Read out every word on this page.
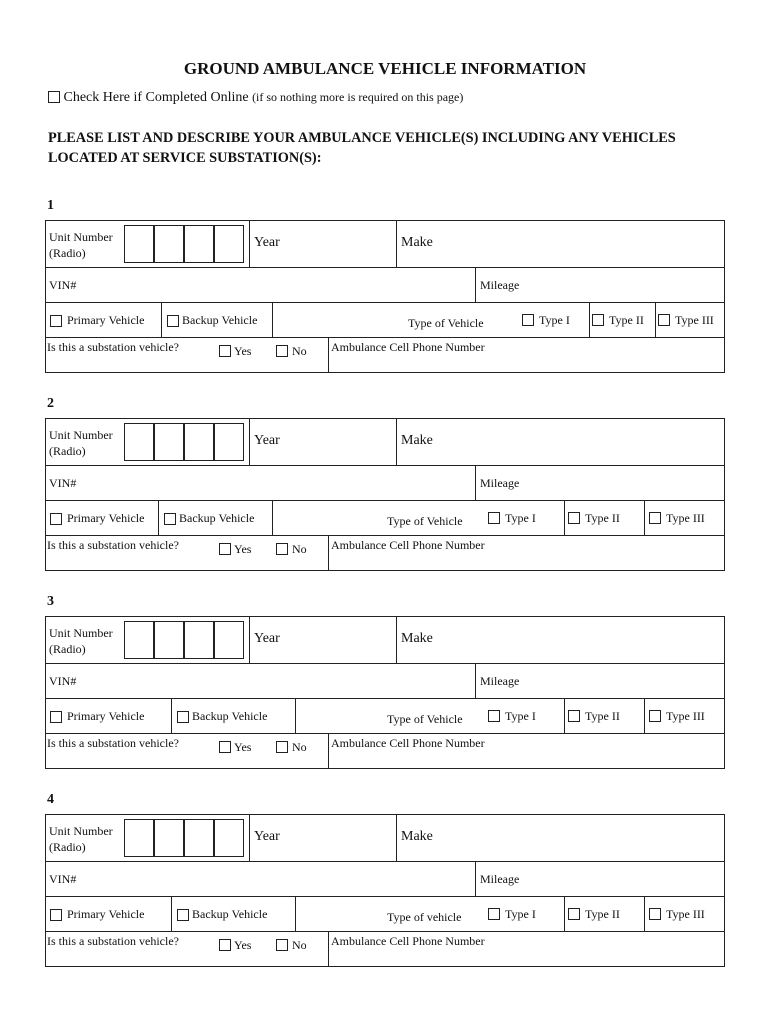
GROUND AMBULANCE VEHICLE INFORMATION
Check Here if Completed Online (if so nothing more is required on this page)
PLEASE LIST AND DESCRIBE YOUR AMBULANCE VEHICLE(S) INCLUDING ANY VEHICLES
LOCATED AT SERVICE SUBSTATION(S):
1
Unit Number
(Radio)
Year	Make
VIN#	Mileage
Primary Vehicle	Backup Vehicle	Type of Vehicle	Type I	Type II	Type III
Is this a substation vehicle?	Yes	No Ambulance Cell Phone Number
2
Unit Number
(Radio)
Year	Make
VIN#	Mileage
Primary Vehicle	Backup Vehicle	Type of Vehicle	Type I	Type II	Type III
Is this a substation vehicle?	Yes	No Ambulance Cell Phone Number
3
Unit Number
(Radio)
Year	Make
VIN#	Mileage
Primary Vehicle	Backup Vehicle	Type of Vehicle	Type I	Type II	Type III
Is this a substation vehicle?	Yes	No Ambulance Cell Phone Number
4
Unit Number
(Radio)
Year	Make
VIN#	Mileage
Primary Vehicle	Backup Vehicle	Type of vehicle	Type I	Type II	Type III
Is this a substation vehicle?	Yes	No Ambulance Cell Phone Number
